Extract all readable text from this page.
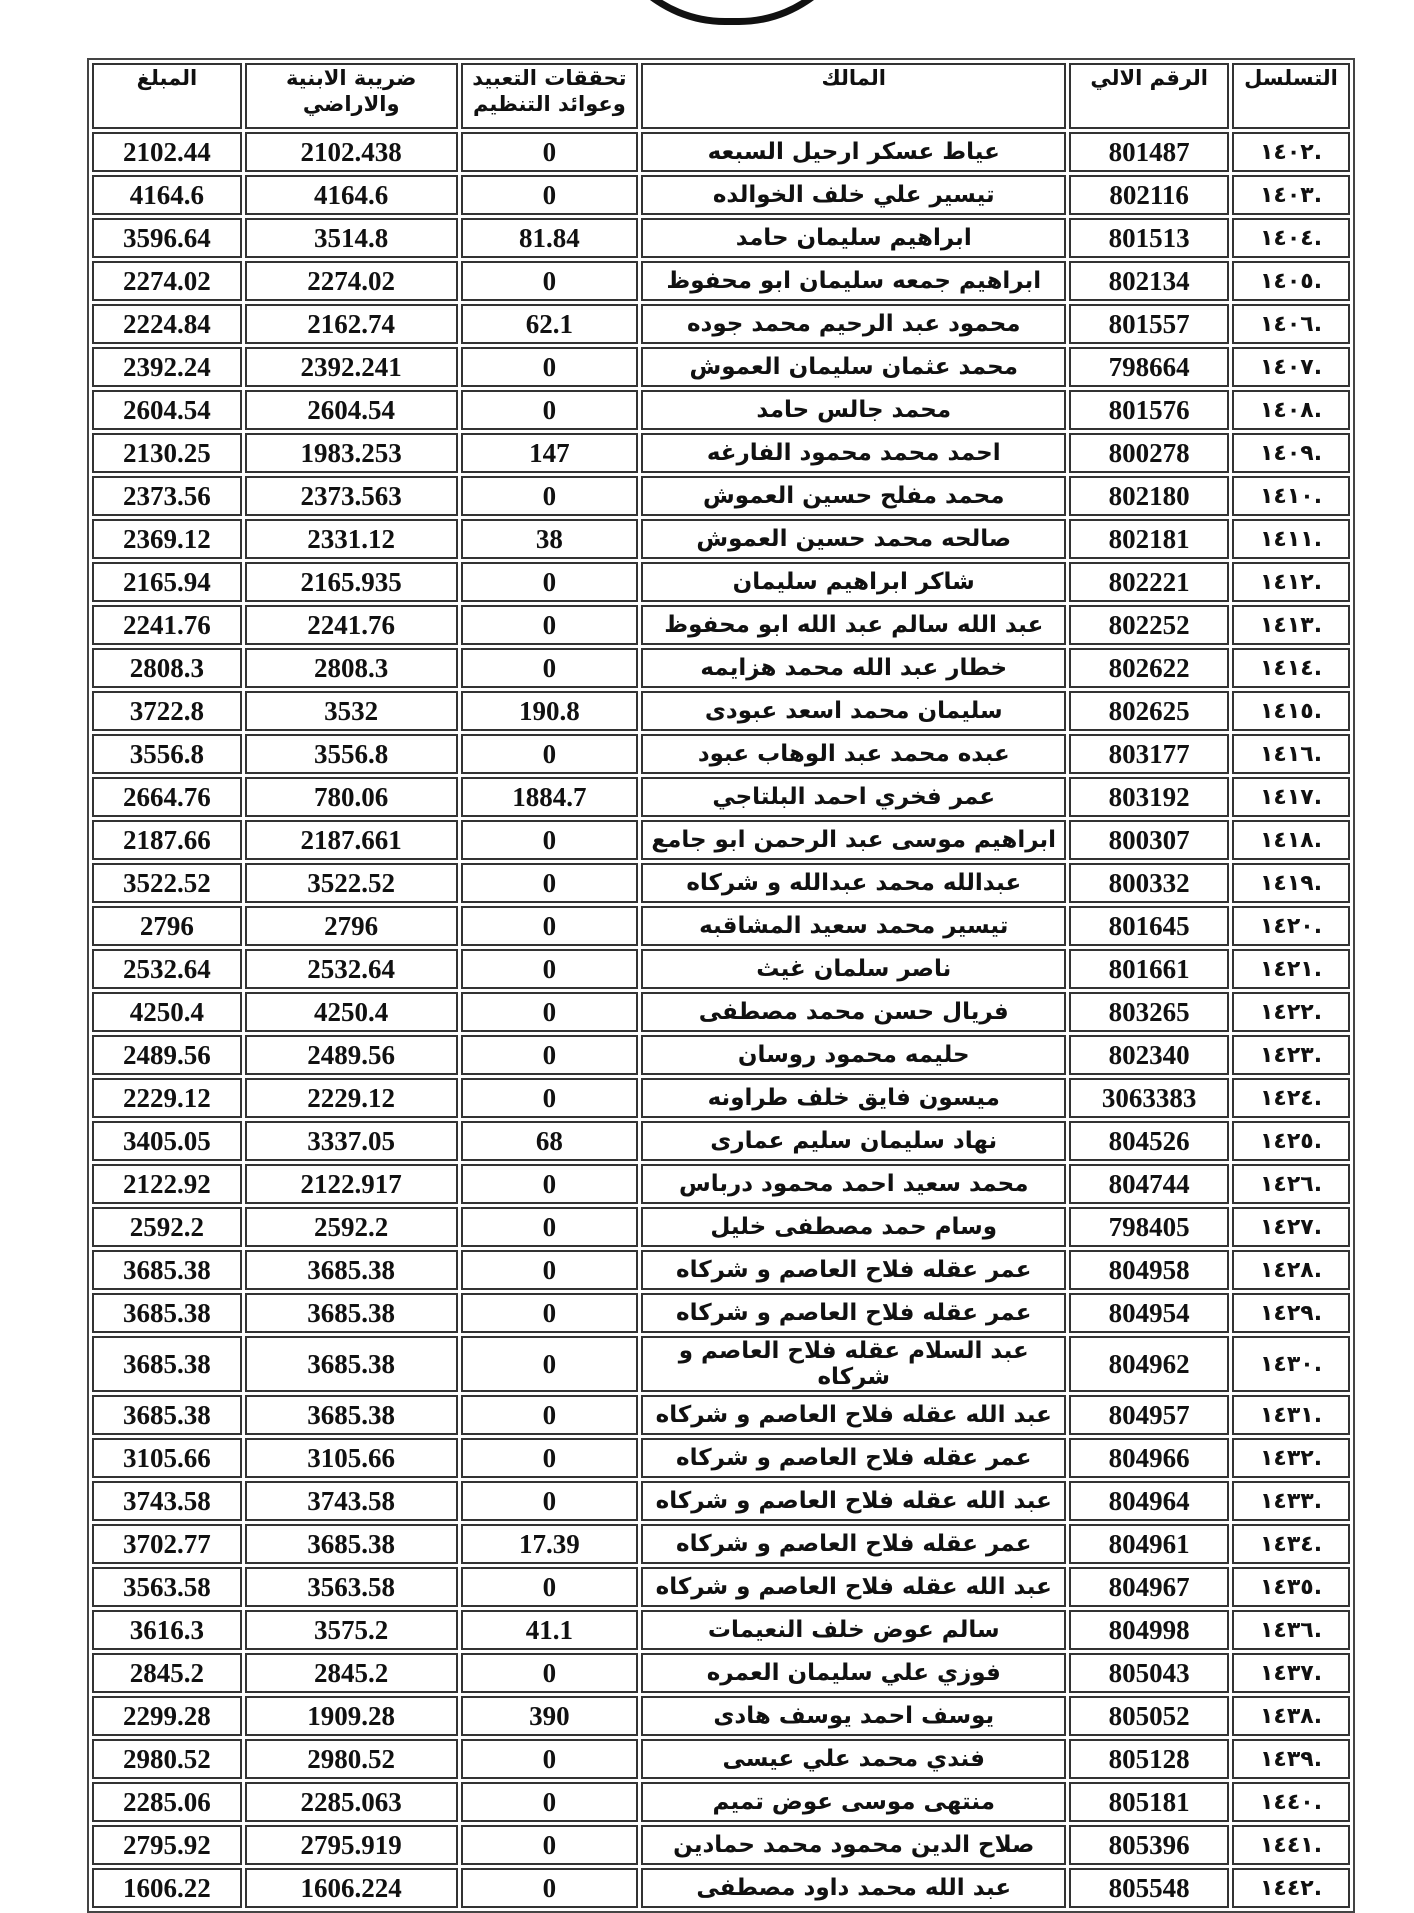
التسلسل	الرقم الالي	المالك	تحققات التعبيد وعوائد التنظيم	ضريبة الابنية والاراضي	المبلغ
.١٤٠٢	801487	عياط عسكر ارحيل السبعه	0	2102.438	2102.44
.١٤٠٣	802116	تيسير علي خلف الخوالده	0	4164.6	4164.6
.١٤٠٤	801513	ابراهيم سليمان حامد	81.84	3514.8	3596.64
.١٤٠٥	802134	ابراهيم جمعه سليمان ابو محفوظ	0	2274.02	2274.02
.١٤٠٦	801557	محمود عبد الرحيم محمد جوده	62.1	2162.74	2224.84
.١٤٠٧	798664	محمد عثمان سليمان العموش	0	2392.241	2392.24
.١٤٠٨	801576	محمد جالس حامد	0	2604.54	2604.54
.١٤٠٩	800278	احمد محمد محمود الفارغه	147	1983.253	2130.25
.١٤١٠	802180	محمد مفلح حسين العموش	0	2373.563	2373.56
.١٤١١	802181	صالحه محمد حسين العموش	38	2331.12	2369.12
.١٤١٢	802221	شاكر ابراهيم سليمان	0	2165.935	2165.94
.١٤١٣	802252	عبد الله سالم عبد الله ابو محفوظ	0	2241.76	2241.76
.١٤١٤	802622	خطار عبد الله محمد هزايمه	0	2808.3	2808.3
.١٤١٥	802625	سليمان محمد اسعد عبودى	190.8	3532	3722.8
.١٤١٦	803177	عبده محمد عبد الوهاب عبود	0	3556.8	3556.8
.١٤١٧	803192	عمر فخري احمد البلتاجي	1884.7	780.06	2664.76
.١٤١٨	800307	ابراهيم موسى عبد الرحمن ابو جامع	0	2187.661	2187.66
.١٤١٩	800332	عبدالله محمد عبدالله و شركاه	0	3522.52	3522.52
.١٤٢٠	801645	تيسير محمد سعيد المشاقبه	0	2796	2796
.١٤٢١	801661	ناصر سلمان غيث	0	2532.64	2532.64
.١٤٢٢	803265	فريال حسن محمد مصطفى	0	4250.4	4250.4
.١٤٢٣	802340	حليمه محمود روسان	0	2489.56	2489.56
.١٤٢٤	3063383	ميسون فايق خلف طراونه	0	2229.12	2229.12
.١٤٢٥	804526	نهاد سليمان سليم عمارى	68	3337.05	3405.05
.١٤٢٦	804744	محمد سعيد احمد محمود درباس	0	2122.917	2122.92
.١٤٢٧	798405	وسام حمد مصطفى خليل	0	2592.2	2592.2
.١٤٢٨	804958	عمر عقله فلاح العاصم و شركاه	0	3685.38	3685.38
.١٤٢٩	804954	عمر عقله فلاح العاصم و شركاه	0	3685.38	3685.38
.١٤٣٠	804962	عبد السلام عقله فلاح العاصم و شركاه	0	3685.38	3685.38
.١٤٣١	804957	عبد الله عقله فلاح العاصم و شركاه	0	3685.38	3685.38
.١٤٣٢	804966	عمر عقله فلاح العاصم و شركاه	0	3105.66	3105.66
.١٤٣٣	804964	عبد الله عقله فلاح العاصم و شركاه	0	3743.58	3743.58
.١٤٣٤	804961	عمر عقله فلاح العاصم و شركاه	17.39	3685.38	3702.77
.١٤٣٥	804967	عبد الله عقله فلاح العاصم و شركاه	0	3563.58	3563.58
.١٤٣٦	804998	سالم عوض خلف النعيمات	41.1	3575.2	3616.3
.١٤٣٧	805043	فوزي علي سليمان العمره	0	2845.2	2845.2
.١٤٣٨	805052	يوسف احمد يوسف هادى	390	1909.28	2299.28
.١٤٣٩	805128	فندي محمد علي عيسى	0	2980.52	2980.52
.١٤٤٠	805181	منتهى موسى عوض تميم	0	2285.063	2285.06
.١٤٤١	805396	صلاح الدين محمود محمد حمادين	0	2795.919	2795.92
.١٤٤٢	805548	عبد الله محمد داود مصطفى	0	1606.224	1606.22
